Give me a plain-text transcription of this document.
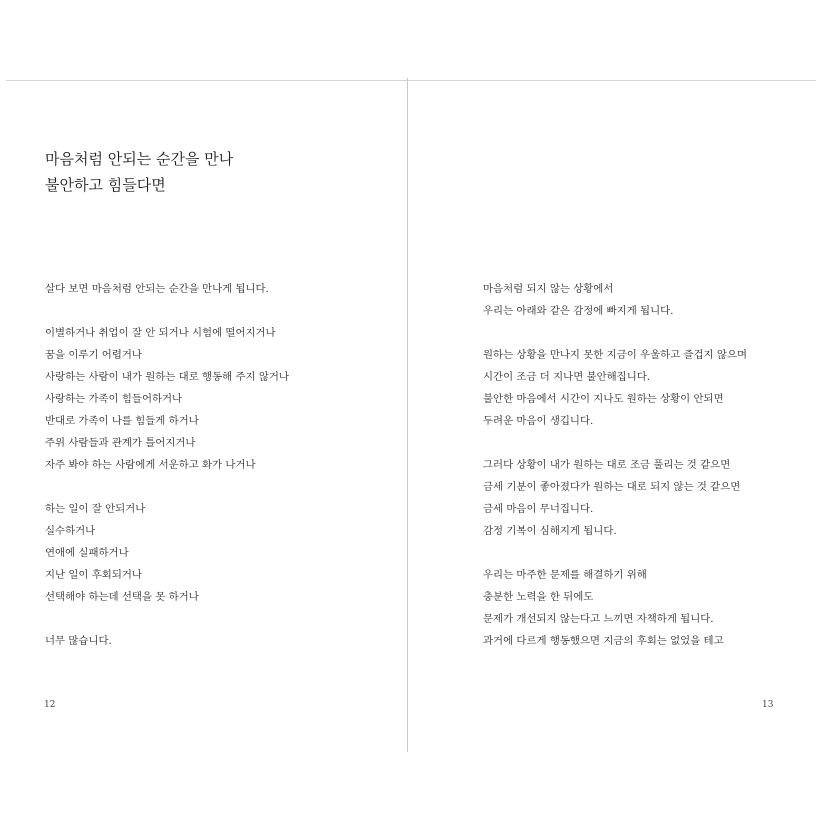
마음처럼 안되는 순간을 만나
불안하고 힘들다면
살다 보면 마음처럼 안되는 순간을 만나게 됩니다.
이별하거나 취업이 잘 안 되거나 시험에 떨어지거나
꿈을 이루기 어렵거나
사랑하는 사람이 내가 원하는 대로 행동해 주지 않거나
사랑하는 가족이 힘들어하거나
반대로 가족이 나를 힘들게 하거나
주위 사람들과 관계가 틀어지거나
자주 봐야 하는 사람에게 서운하고 화가 나거나
하는 일이 잘 안되거나
실수하거나
연애에 실패하거나
지난 일이 후회되거나
선택해야 하는데 선택을 못 하거나
너무 많습니다.
12
마음처럼 되지 않는 상황에서
우리는 아래와 같은 감정에 빠지게 됩니다.
원하는 상황을 만나지 못한 지금이 우울하고 즐겁지 않으며
시간이 조금 더 지나면 불안해집니다.
불안한 마음에서 시간이 지나도 원하는 상황이 안되면
두려운 마음이 생깁니다.
그러다 상황이 내가 원하는 대로 조금 풀리는 것 같으면
금세 기분이 좋아졌다가 원하는 대로 되지 않는 것 같으면
금세 마음이 무너집니다.
감정 기복이 심해지게 됩니다.
우리는 마주한 문제를 해결하기 위해
충분한 노력을 한 뒤에도
문제가 개선되지 않는다고 느끼면 자책하게 됩니다.
과거에 다르게 행동했으면 지금의 후회는 없었을 테고
13
